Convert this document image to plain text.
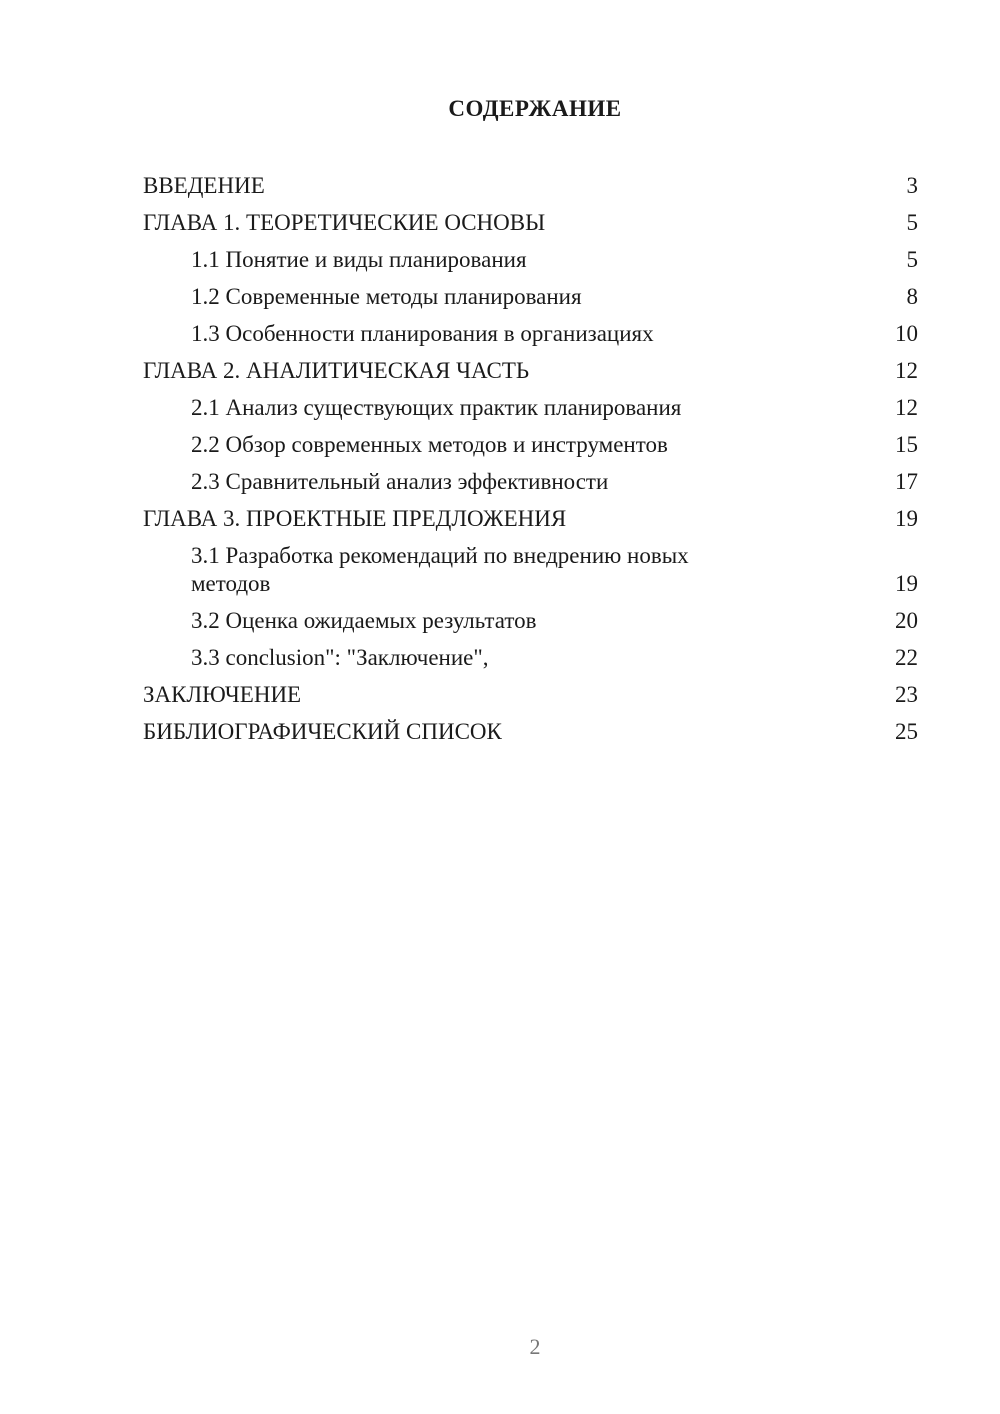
СОДЕРЖАНИЕ
ВВЕДЕНИЕ	3
ГЛАВА 1. ТЕОРЕТИЧЕСКИЕ ОСНОВЫ	5
1.1 Понятие и виды планирования	5
1.2 Современные методы планирования	8
1.3 Особенности планирования в организациях	10
ГЛАВА 2. АНАЛИТИЧЕСКАЯ ЧАСТЬ	12
2.1 Анализ существующих практик планирования	12
2.2 Обзор современных методов и инструментов	15
2.3 Сравнительный анализ эффективности	17
ГЛАВА 3. ПРОЕКТНЫЕ ПРЕДЛОЖЕНИЯ	19
3.1 Разработка рекомендаций по внедрению новых методов	19
3.2 Оценка ожидаемых результатов	20
3.3 conclusion": "Заключение",	22
ЗАКЛЮЧЕНИЕ	23
БИБЛИОГРАФИЧЕСКИЙ СПИСОК	25
2
